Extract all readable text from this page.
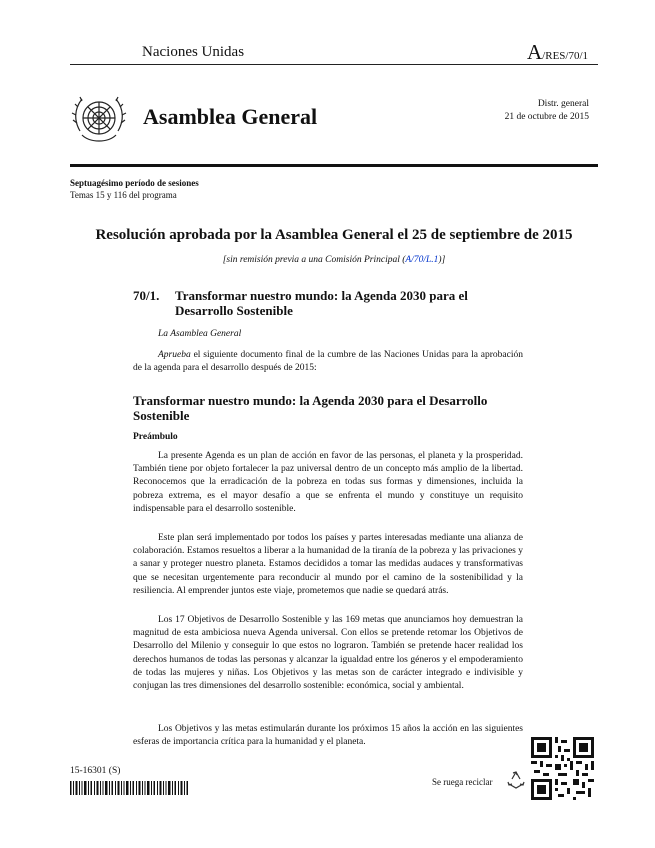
Naciones Unidas	A/RES/70/1
Asamblea General	Distr. general
21 de octubre de 2015
Septuagésimo período de sesiones
Temas 15 y 116 del programa
Resolución aprobada por la Asamblea General el 25 de septiembre de 2015
[sin remisión previa a una Comisión Principal (A/70/L.1)]
70/1. Transformar nuestro mundo: la Agenda 2030 para el Desarrollo Sostenible
La Asamblea General

Aprueba el siguiente documento final de la cumbre de las Naciones Unidas para la aprobación de la agenda para el desarrollo después de 2015:

Transformar nuestro mundo: la Agenda 2030 para el Desarrollo Sostenible
Preámbulo

La presente Agenda es un plan de acción en favor de las personas, el planeta y la prosperidad. También tiene por objeto fortalecer la paz universal dentro de un concepto más amplio de la libertad. Reconocemos que la erradicación de la pobreza en todas sus formas y dimensiones, incluida la pobreza extrema, es el mayor desafío a que se enfrenta el mundo y constituye un requisito indispensable para el desarrollo sostenible.

Este plan será implementado por todos los países y partes interesadas mediante una alianza de colaboración. Estamos resueltos a liberar a la humanidad de la tiranía de la pobreza y las privaciones y a sanar y proteger nuestro planeta. Estamos decididos a tomar las medidas audaces y transformativas que se necesitan urgentemente para reconducir al mundo por el camino de la sostenibilidad y la resiliencia. Al emprender juntos este viaje, prometemos que nadie se quedará atrás.

Los 17 Objetivos de Desarrollo Sostenible y las 169 metas que anunciamos hoy demuestran la magnitud de esta ambiciosa nueva Agenda universal. Con ellos se pretende retomar los Objetivos de Desarrollo del Milenio y conseguir lo que estos no lograron. También se pretende hacer realidad los derechos humanos de todas las personas y alcanzar la igualdad entre los géneros y el empoderamiento de todas las mujeres y niñas. Los Objetivos y las metas son de carácter integrado e indivisible y conjugan las tres dimensiones del desarrollo sostenible: económica, social y ambiental.

Los Objetivos y las metas estimularán durante los próximos 15 años la acción en las siguientes esferas de importancia crítica para la humanidad y el planeta.

15-16301 (S)
Se ruega reciclar
